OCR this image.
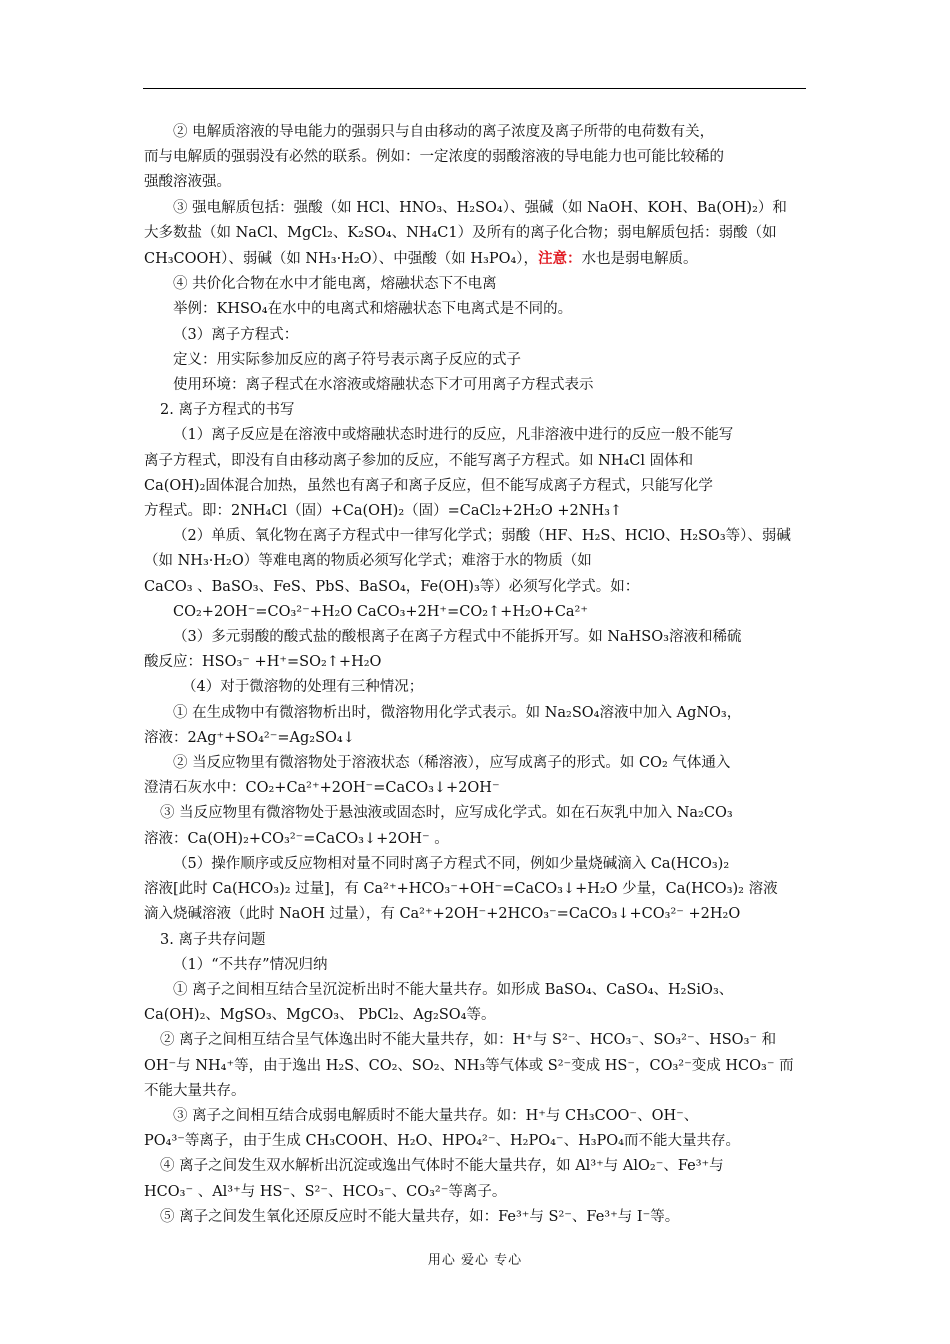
② 电解质溶液的导电能力的强弱只与自由移动的离子浓度及离子所带的电荷数有关，

而与电解质的强弱没有必然的联系。例如：一定浓度的弱酸溶液的导电能力也可能比较稀的

强酸溶液强。

③ 强电解质包括：强酸（如 HCl、HNO₃、H₂SO₄）、强碱（如 NaOH、KOH、Ba(OH)₂）和

大多数盐（如 NaCl、MgCl₂、K₂SO₄、NH₄C1）及所有的离子化合物；弱电解质包括：弱酸（如

CH₃COOH）、弱碱（如 NH₃·H₂O）、中强酸（如 H₃PO₄），注意：水也是弱电解质。

④ 共价化合物在水中才能电离，熔融状态下不电离

举例：KHSO₄在水中的电离式和熔融状态下电离式是不同的。

（3）离子方程式：

定义：用实际参加反应的离子符号表示离子反应的式子

使用环境：离子程式在水溶液或熔融状态下才可用离子方程式表示

2. 离子方程式的书写

（1）离子反应是在溶液中或熔融状态时进行的反应，凡非溶液中进行的反应一般不能写

离子方程式，即没有自由移动离子参加的反应，不能写离子方程式。如 NH₄Cl 固体和

Ca(OH)₂固体混合加热，虽然也有离子和离子反应，但不能写成离子方程式，只能写化学

方程式。即：2NH₄Cl（固）+Ca(OH)₂（固）=CaCl₂+2H₂O +2NH₃↑

（2）单质、氧化物在离子方程式中一律写化学式；弱酸（HF、H₂S、HClO、H₂SO₃等）、弱碱

（如 NH₃·H₂O）等难电离的物质必须写化学式；难溶于水的物质（如

CaCO₃ 、BaSO₃、FeS、PbS、BaSO₄，Fe(OH)₃等）必须写化学式。如：

CO₂+2OH⁻=CO₃²⁻+H₂O CaCO₃+2H⁺=CO₂↑+H₂O+Ca²⁺

（3）多元弱酸的酸式盐的酸根离子在离子方程式中不能拆开写。如 NaHSO₃溶液和稀硫

酸反应：HSO₃⁻ +H⁺=SO₂↑+H₂O

（4）对于微溶物的处理有三种情况；

① 在生成物中有微溶物析出时，微溶物用化学式表示。如 Na₂SO₄溶液中加入 AgNO₃，

溶液：2Ag⁺+SO₄²⁻=Ag₂SO₄↓

② 当反应物里有微溶物处于溶液状态（稀溶液），应写成离子的形式。如 CO₂ 气体通入

澄清石灰水中：CO₂+Ca²⁺+2OH⁻=CaCO₃↓+2OH⁻

③ 当反应物里有微溶物处于悬浊液或固态时，应写成化学式。如在石灰乳中加入 Na₂CO₃

溶液：Ca(OH)₂+CO₃²⁻=CaCO₃↓+2OH⁻ 。

（5）操作顺序或反应物相对量不同时离子方程式不同，例如少量烧碱滴入 Ca(HCO₃)₂

溶液[此时 Ca(HCO₃)₂ 过量]，有 Ca²⁺+HCO₃⁻+OH⁻=CaCO₃↓+H₂O 少量，Ca(HCO₃)₂ 溶液

滴入烧碱溶液（此时 NaOH 过量），有 Ca²⁺+2OH⁻+2HCO₃⁻=CaCO₃↓+CO₃²⁻ +2H₂O

3. 离子共存问题

（1）“不共存”情况归纳

① 离子之间相互结合呈沉淀析出时不能大量共存。如形成 BaSO₄、CaSO₄、H₂SiO₃、

Ca(OH)₂、MgSO₃、MgCO₃、 PbCl₂、Ag₂SO₄等。

② 离子之间相互结合呈气体逸出时不能大量共存，如：H⁺与 S²⁻、HCO₃⁻、SO₃²⁻、HSO₃⁻ 和

OH⁻与 NH₄⁺等，由于逸出 H₂S、CO₂、SO₂、NH₃等气体或 S²⁻变成 HS⁻，CO₃²⁻变成 HCO₃⁻ 而

不能大量共存。

③ 离子之间相互结合成弱电解质时不能大量共存。如：H⁺与 CH₃COO⁻、OH⁻、

PO₄³⁻等离子，由于生成 CH₃COOH、H₂O、HPO₄²⁻、H₂PO₄⁻、H₃PO₄而不能大量共存。

④ 离子之间发生双水解析出沉淀或逸出气体时不能大量共存，如 Al³⁺与 AlO₂⁻、Fe³⁺与

HCO₃⁻ 、Al³⁺与 HS⁻、S²⁻、HCO₃⁻、CO₃²⁻等离子。

⑤ 离子之间发生氧化还原反应时不能大量共存，如：Fe³⁺与 S²⁻、Fe³⁺与 I⁻等。

用心 爱心 专心
